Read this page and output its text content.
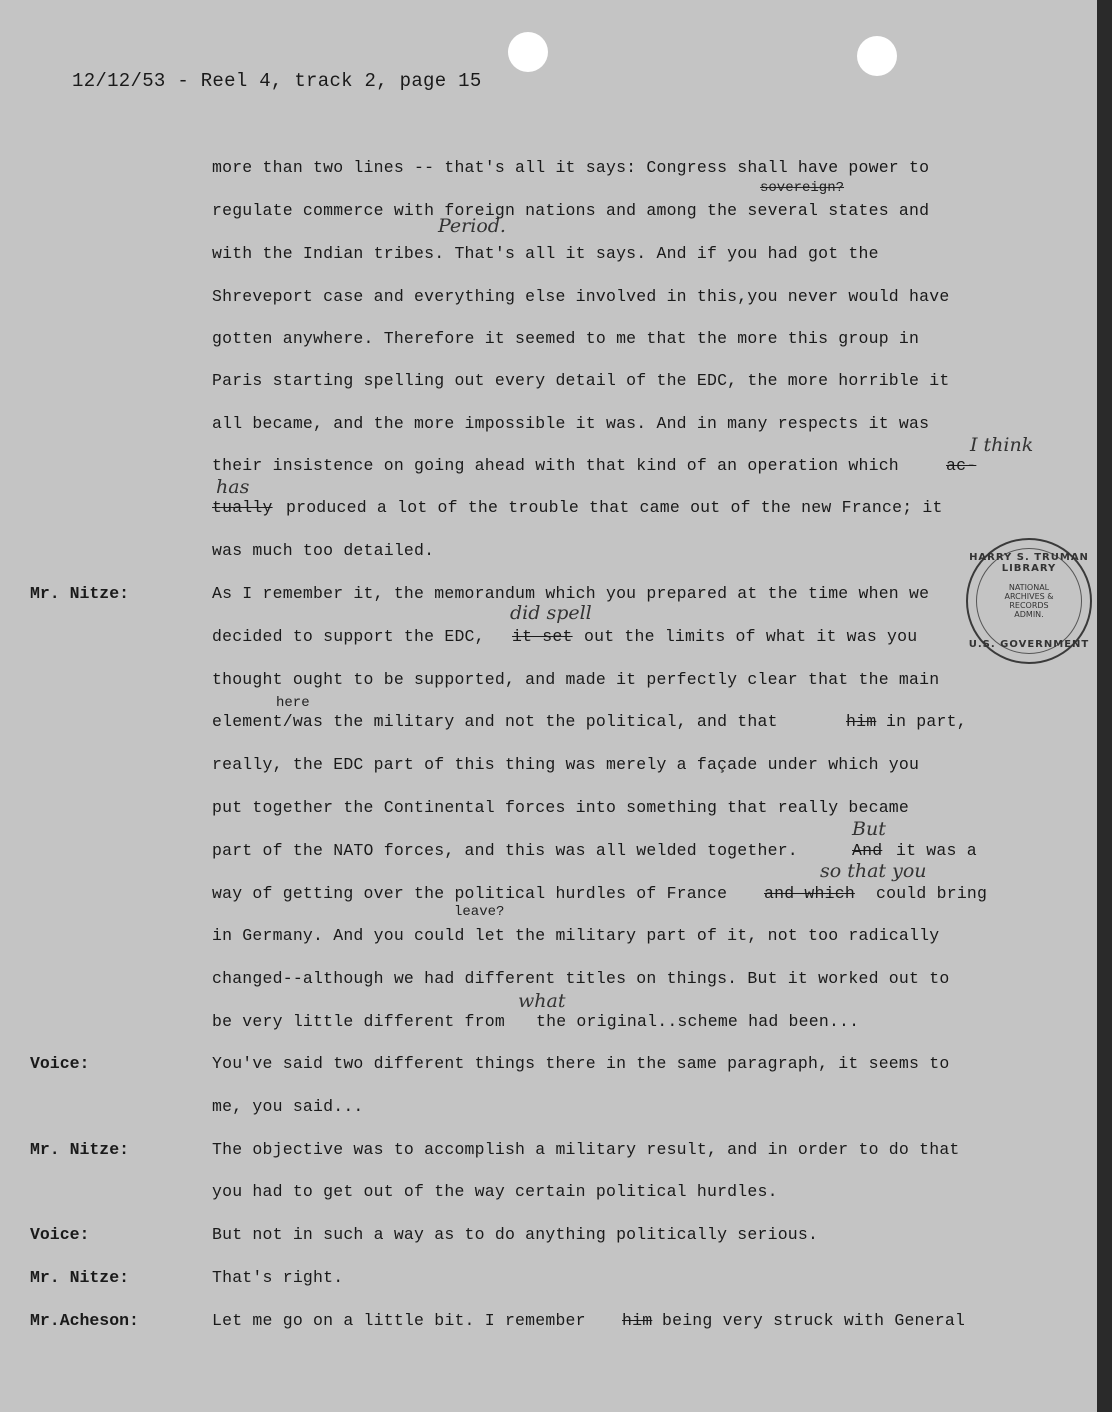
12/12/53 - Reel 4, track 2, page 15
more than two lines -- that's all it says: Congress shall have power to
sovereign?
regulate commerce with foreign nations and among the several states and
Period.
with the Indian tribes. That's all it says. And if you had got the
Shreveport case and everything else involved in this,you never would have
gotten anywhere. Therefore it seemed to me that the more this group in
Paris starting spelling out every detail of the EDC, the more horrible it
all became, and the more impossible it was. And in many respects it was
I think
their insistence on going ahead with that kind of an operation which	ac-
has
tually produced a lot of the trouble that came out of the new France; it
was much too detailed.
Mr. Nitze:	As I remember it, the memorandum which you prepared at the time when we
did spell
decided to support the EDC, it set out the limits of what it was you
thought ought to be supported, and made it perfectly clear that the main
here
element/was the military and not the political, and that	him in part,
really, the EDC part of this thing was merely a façade under which you
put together the Continental forces into something that really became
But
part of the NATO forces, and this was all welded together.	And it was a
so that you
way of getting over the political hurdles of France and which could bring
leave?
in Germany. And you could let the military part of it, not too radically
changed--although we had different titles on things. But it worked out to
what
be very little different from the original..scheme had been...
Voice:	You've said two different things there in the same paragraph, it seems to
me, you said...
Mr. Nitze:	The objective was to accomplish a military result, and in order to do that
you had to get out of the way certain political hurdles.
Voice:	But not in such a way as to do anything politically serious.
Mr. Nitze:	That's right.
Mr.Acheson:	Let me go on a little bit. I remember him being very struck with General
HARRY S. TRUMAN LIBRARY
NATIONAL
ARCHIVES &
RECORDS
ADMIN.
U.S. GOVERNMENT
